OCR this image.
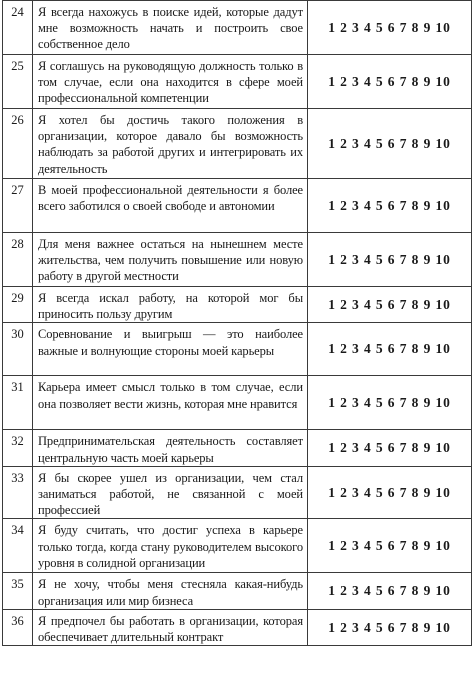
24	Я всегда нахожусь в поиске идей, которые дадут мне возможность начать и построить свое собственное дело	1 2 3 4 5 6 7 8 9 10
25	Я соглашусь на руководящую должность только в том случае, если она находится в сфере моей профессиональной компетенции	1 2 3 4 5 6 7 8 9 10
26	Я хотел бы достичь такого положения в организации, которое давало бы возможность наблюдать за работой других и интегрировать их деятельность	1 2 3 4 5 6 7 8 9 10
27	В моей профессиональной деятельности я более всего заботился о своей свободе и автономии	1 2 3 4 5 6 7 8 9 10
28	Для меня важнее остаться на нынешнем месте жительства, чем получить повышение или новую работу в другой местности	1 2 3 4 5 6 7 8 9 10
29	Я всегда искал работу, на которой мог бы приносить пользу другим	1 2 3 4 5 6 7 8 9 10
30	Соревнование и выигрыш — это наиболее важные и волнующие стороны моей карьеры	1 2 3 4 5 6 7 8 9 10
31	Карьера имеет смысл только в том случае, если она позволяет вести жизнь, которая мне нравится	1 2 3 4 5 6 7 8 9 10
32	Предпринимательская деятельность составляет центральную часть моей карьеры	1 2 3 4 5 6 7 8 9 10
33	Я бы скорее ушел из организации, чем стал заниматься работой, не связанной с моей профессией	1 2 3 4 5 6 7 8 9 10
34	Я буду считать, что достиг успеха в карьере только тогда, когда стану руководителем высокого уровня в солидной организации	1 2 3 4 5 6 7 8 9 10
35	Я не хочу, чтобы меня стесняла какая-нибудь организация или мир бизнеса	1 2 3 4 5 6 7 8 9 10
36	Я предпочел бы работать в организации, которая обеспечивает длительный контракт	1 2 3 4 5 6 7 8 9 10
